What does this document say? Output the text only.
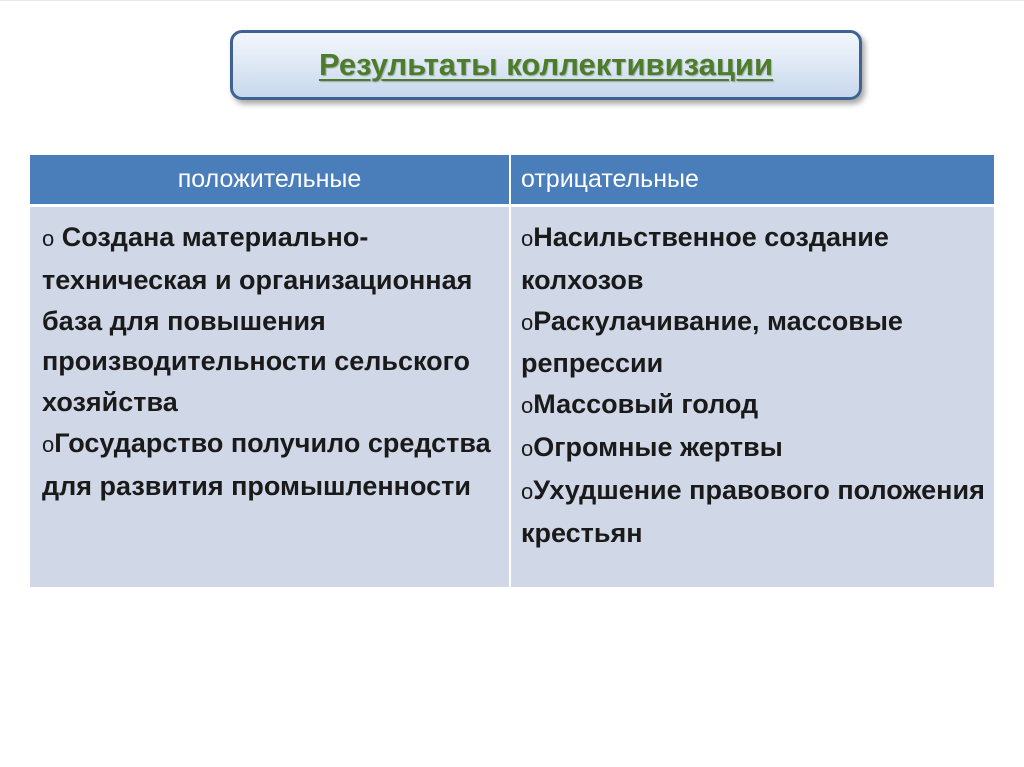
Результаты коллективизации
положительные	отрицательные

o Создана материально-техническая и организационная база для повышения производительности сельского хозяйства

oГосударство получило средства для развития промышленности

oНасильственное создание колхозов

oРаскулачивание, массовые репрессии

oМассовый голод

oОгромные жертвы

oУхудшение правового положения крестьян
